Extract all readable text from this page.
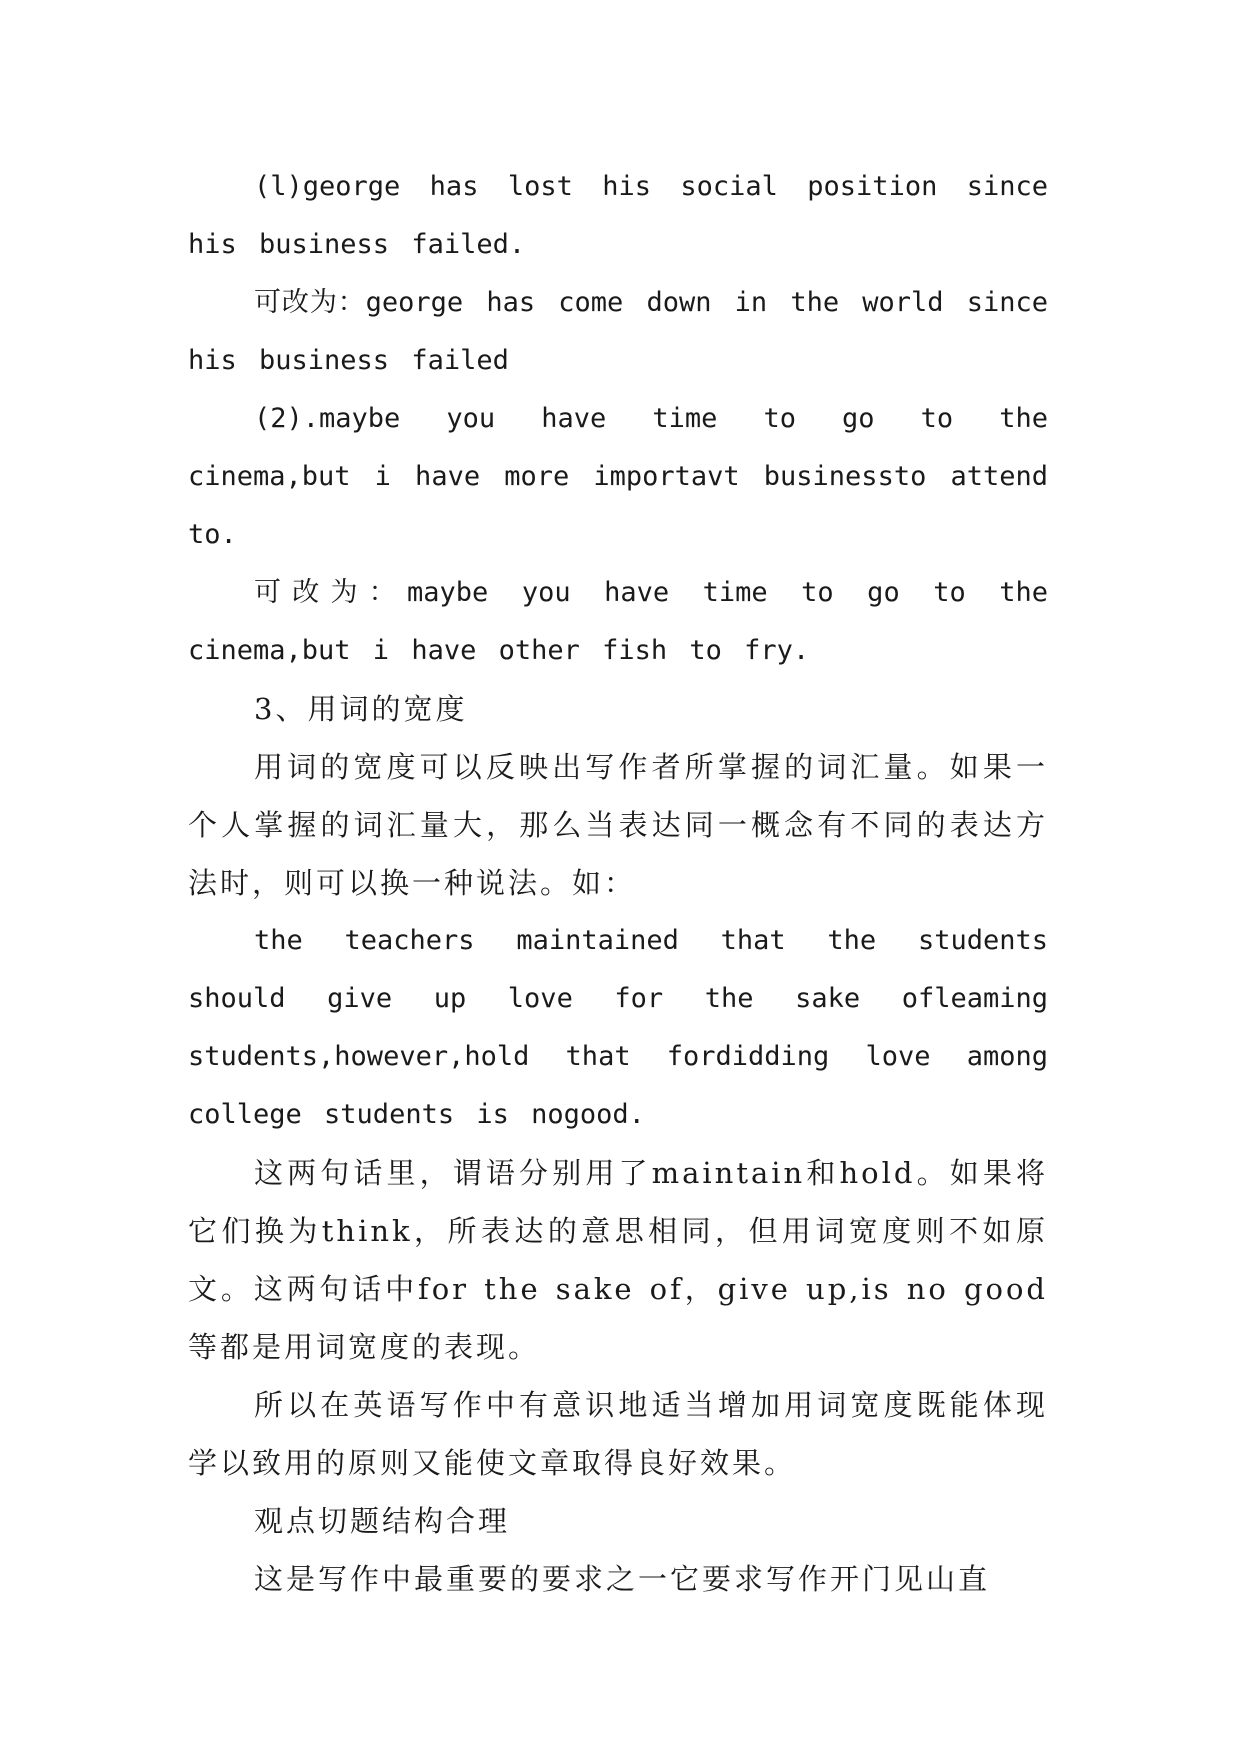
(l)george has lost his social position since his business failed.

可改为：george has come down in the world since his business failed

(2).maybe you have time to go to the cinema,but i have more importavt businessto attend to.

可改为：maybe you have time to go to the cinema,but i have other fish to fry.

3、用词的宽度

用词的宽度可以反映出写作者所掌握的词汇量。如果一个人掌握的词汇量大，那么当表达同一概念有不同的表达方法时，则可以换一种说法。如：

the teachers maintained that the students should give up love for the sake ofleaming students,however,hold that fordidding love among college students is nogood.

这两句话里，谓语分别用了maintain和hold。如果将它们换为think，所表达的意思相同，但用词宽度则不如原文。这两句话中for the sake of，give up,is no good等都是用词宽度的表现。

所以在英语写作中有意识地适当增加用词宽度既能体现学以致用的原则又能使文章取得良好效果。

观点切题结构合理

这是写作中最重要的要求之一它要求写作开门见山直
